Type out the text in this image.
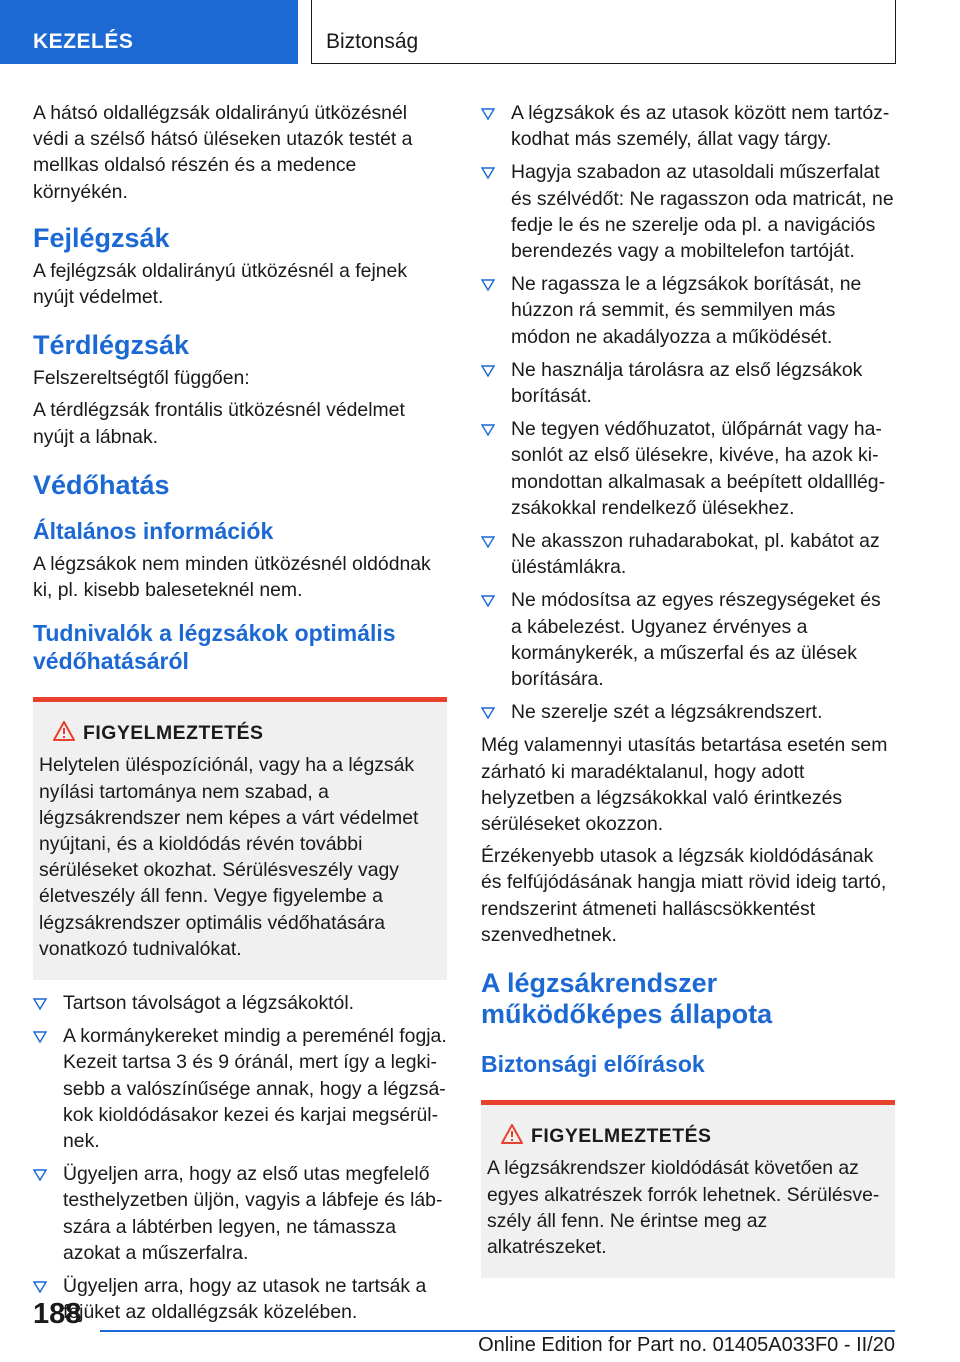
KEZELÉS	Biztonság

A hátsó oldallégzsák oldalirányú ütközésnél védi a szélső hátsó üléseken utazók testét a mellkas oldalsó részén és a medence környékén.

Fejlégzsák

A fejlégzsák oldalirányú ütközésnél a fejnek nyújt védelmet.

Térdlégzsák

Felszereltségtől függően:

A térdlégzsák frontális ütközésnél védelmet nyújt a lábnak.

Védőhatás
Általános információk

A légzsákok nem minden ütközésnél oldódnak ki, pl. kisebb baleseteknél nem.

Tudnivalók a légzsákok optimális védőhatásáról
FIGYELMEZTETÉS

Helytelen üléspozíciónál, vagy ha a légzsák nyílási tartománya nem szabad, a légzsákrendszer nem képes a várt védelmet nyújtani, és a kioldódás révén további sérüléseket okozhat. Sérülésveszély vagy életveszély áll fenn. Vegye figyelembe a légzsákrendszer optimális védőhatására vonatkozó tudnivalókat.

Tartson távolságot a légzsákoktól.
A kormánykereket mindig a pereménél fogja. Kezeit tartsa 3 és 9 óránál, mert így a legkisebb a valószínűsége annak, hogy a légzsákok kioldódásakor kezei és karjai megsérülnek.
Ügyeljen arra, hogy az első utas megfelelő testhelyzetben üljön, vagyis a lábfeje és lábszára a lábtérben legyen, ne támassza azokat a műszerfalra.
Ügyeljen arra, hogy az utasok ne tartsák a fejüket az oldallégzsák közelében.
A légzsákok és az utasok között nem tartózkodhat más személy, állat vagy tárgy.
Hagyja szabadon az utasoldali műszerfalat és szélvédőt: Ne ragasszon oda matricát, ne fedje le és ne szerelje oda pl. a navigációs berendezés vagy a mobiltelefon tartóját.
Ne ragassza le a légzsákok borítását, ne húzzon rá semmit, és semmilyen más módon ne akadályozza a működését.
Ne használja tárolásra az első légzsákok borítását.
Ne tegyen védőhuzatot, ülőpárnát vagy hasonlót az első ülésekre, kivéve, ha azok kimondottan alkalmasak a beépített oldalllégzsákokkal rendelkező ülésekhez.
Ne akasszon ruhadarabokat, pl. kabátot az üléstámlákra.
Ne módosítsa az egyes részegységeket és a kábelezést. Ugyanez érvényes a kormánykerék, a műszerfal és az ülések borítására.
Ne szerelje szét a légzsákrendszert.

Még valamennyi utasítás betartása esetén sem zárható ki maradéktalanul, hogy adott helyzetben a légzsákokkal való érintkezés sérüléseket okozzon.

Érzékenyebb utasok a légzsák kioldódásának és felfújódásának hangja miatt rövid ideig tartó, rendszerint átmeneti halláscsökkentést szenvedhetnek.

A légzsákrendszer működőképes állapota
Biztonsági előírások
FIGYELMEZTETÉS

A légzsákrendszer kioldódását követően az egyes alkatrészek forrók lehetnek. Sérülésveszély áll fenn. Ne érintse meg az alkatrészeket.

188
Online Edition for Part no. 01405A033F0 - II/20
